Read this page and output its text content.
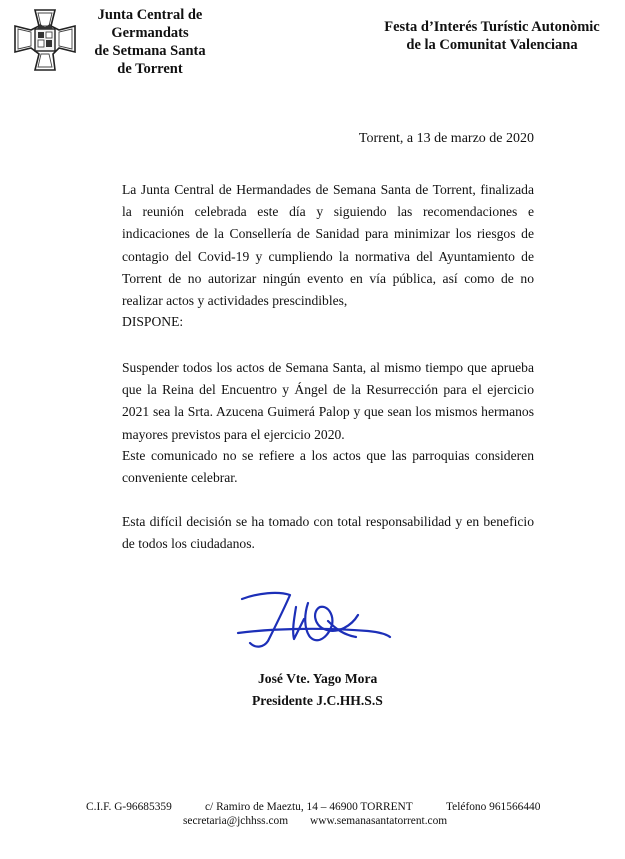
Junta Central de
Germandats
de Setmana Santa
de Torrent
Festa d’Interés Turístic Autonòmic
de la Comunitat Valenciana
Torrent, a 13 de marzo de 2020

La Junta Central de Hermandades de Semana Santa de Torrent, finalizada la reunión celebrada este día y siguiendo las recomendaciones e indicaciones de la Consellería de Sanidad para minimizar los riesgos de contagio del Covid-19 y cumpliendo la normativa del Ayuntamiento de Torrent de no autorizar ningún evento en vía pública, así como de no realizar actos y actividades prescindibles,

DISPONE:

Suspender todos los actos de Semana Santa, al mismo tiempo que aprueba que la Reina del Encuentro y Ángel de la Resurrección para el ejercicio 2021 sea la Srta. Azucena Guimerá Palop y que sean los mismos hermanos mayores previstos para el ejercicio 2020.

Este comunicado no se refiere a los actos que las parroquias consideren conveniente celebrar.

Esta difícil decisión se ha tomado con total responsabilidad y en beneficio de todos los ciudadanos.

José Vte. Yago Mora
Presidente J.C.HH.S.S
C.I.F. G-96685359	c/ Ramiro de Maeztu, 14 – 46900 TORRENT	Teléfono 961566440
secretaria@jchhss.com www.semanasantatorrent.com
